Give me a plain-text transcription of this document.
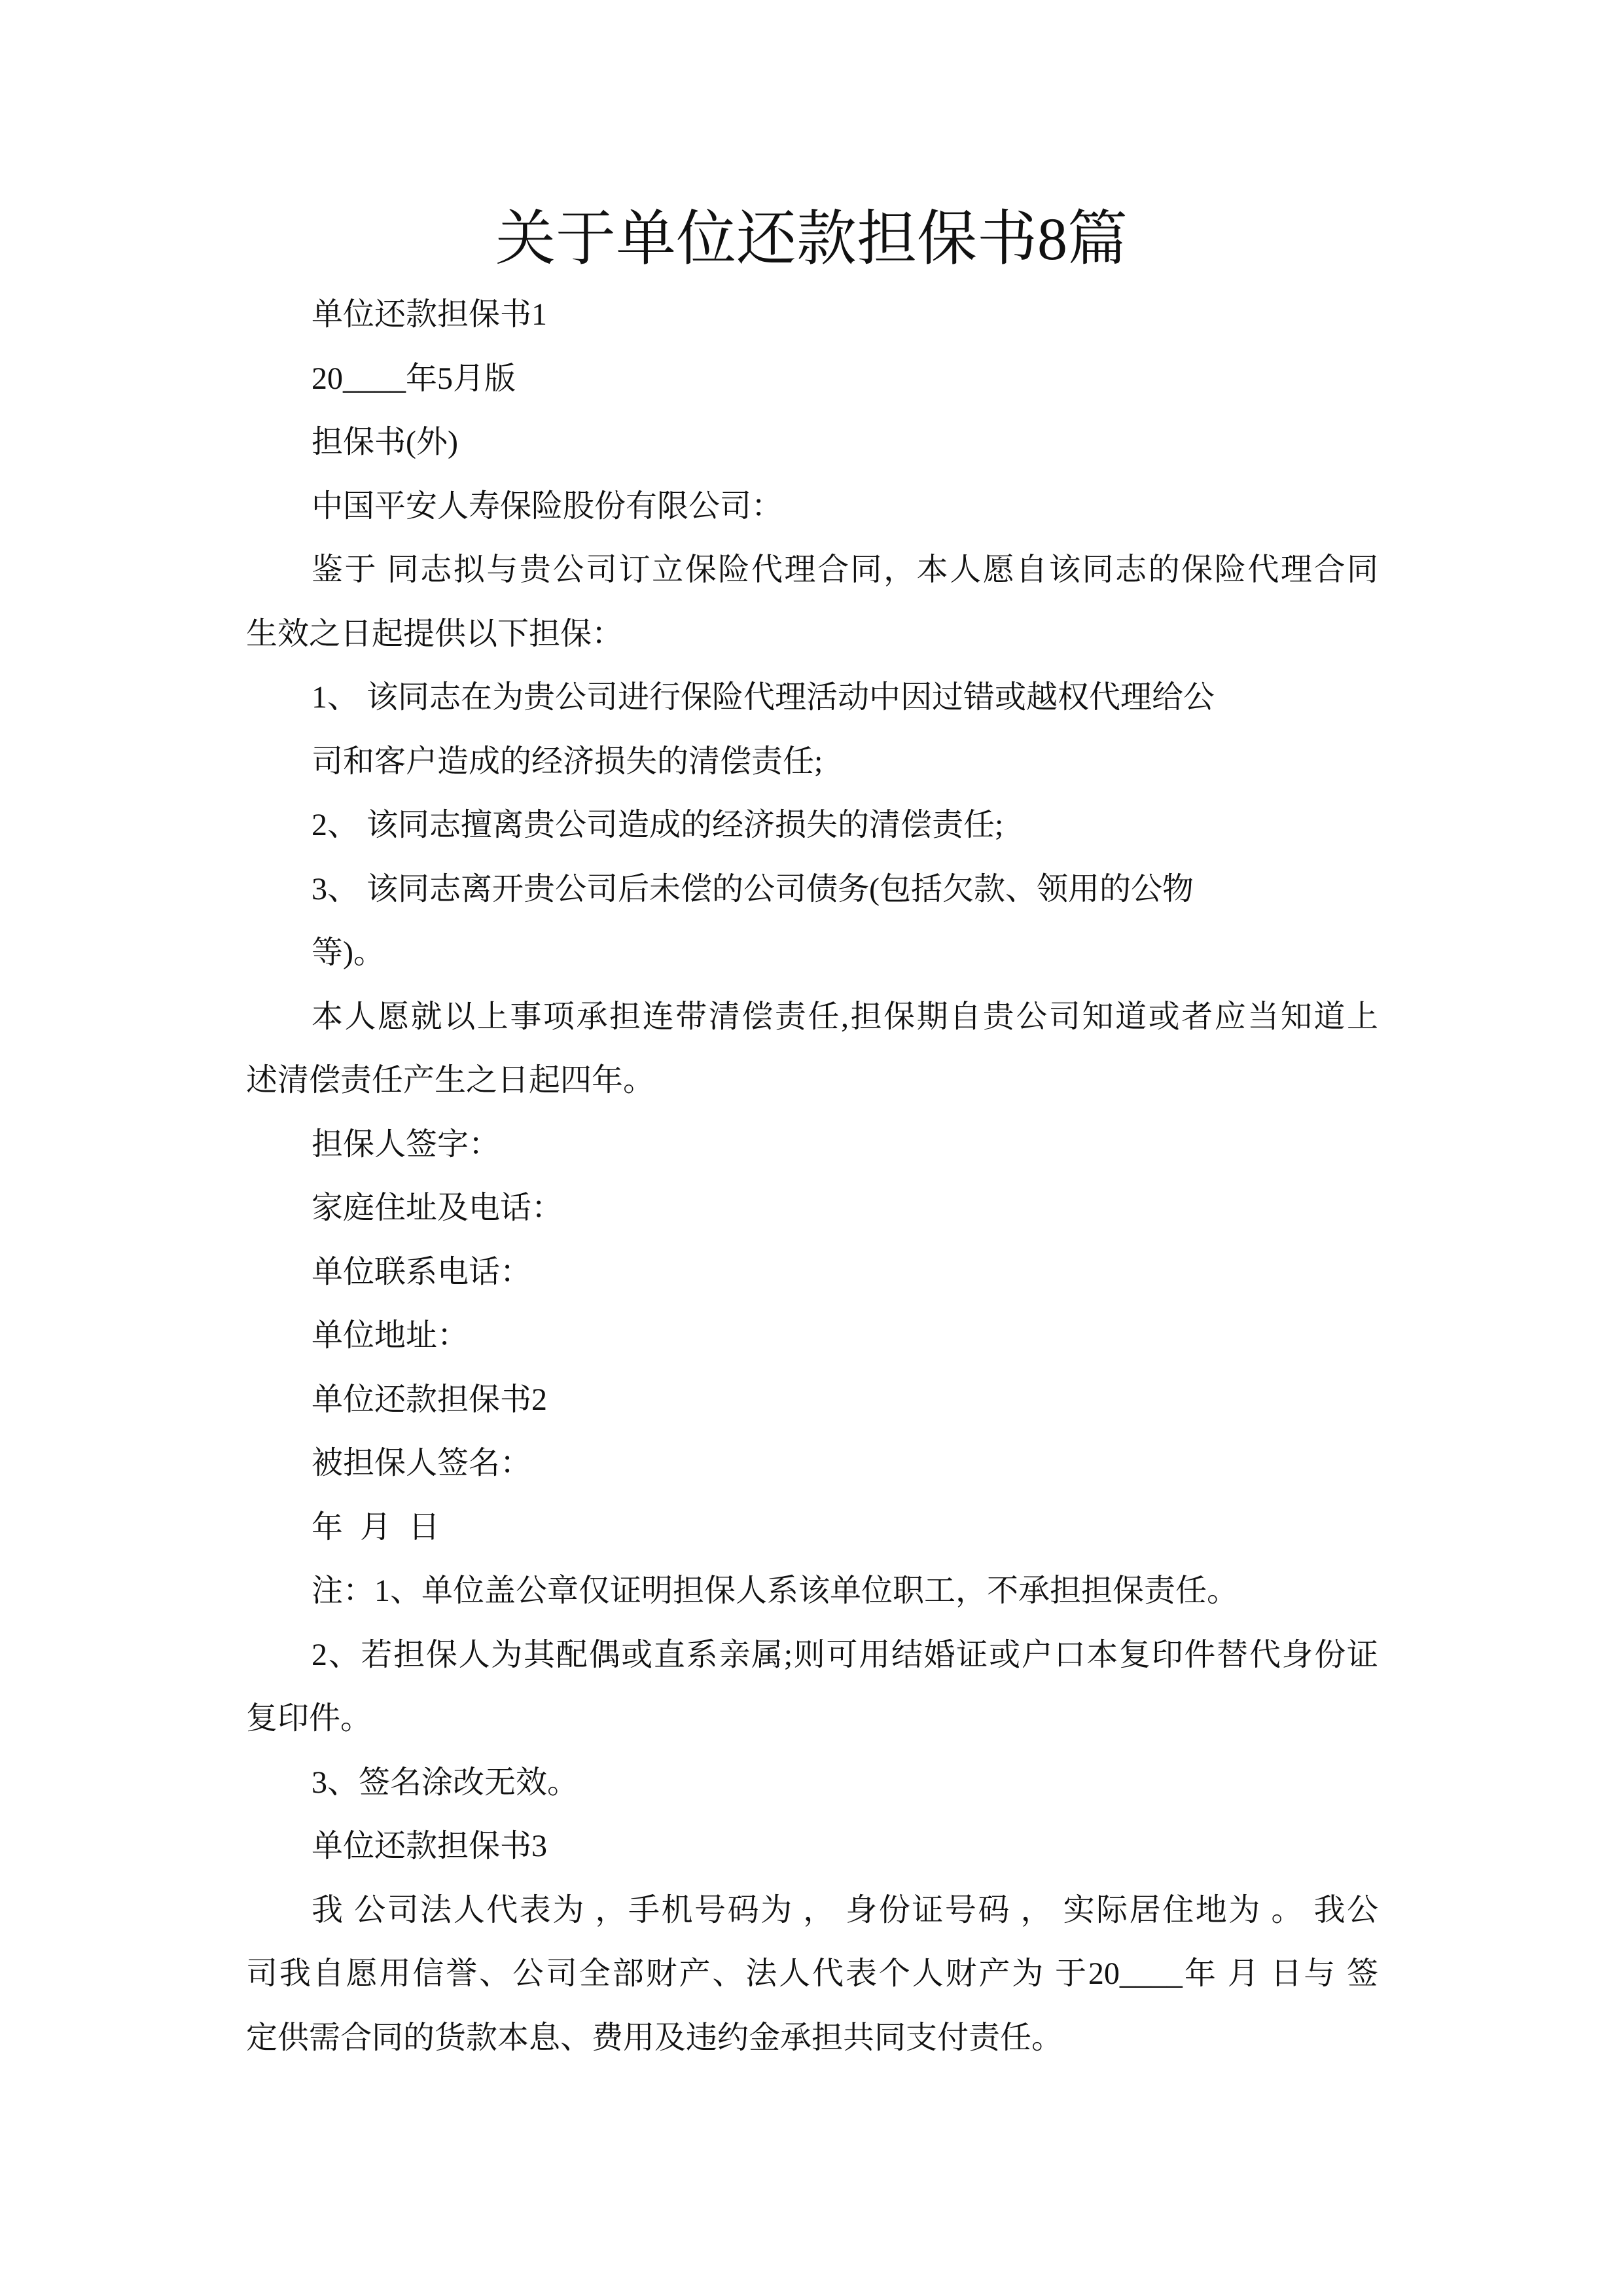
关于单位还款担保书8篇
单位还款担保书1
20____年5月版
担保书(外)
中国平安人寿保险股份有限公司：
鉴于 同志拟与贵公司订立保险代理合同，本人愿自该同志的保险代理合同
生效之日起提供以下担保：
1、 该同志在为贵公司进行保险代理活动中因过错或越权代理给公
司和客户造成的经济损失的清偿责任;
2、 该同志擅离贵公司造成的经济损失的清偿责任;
3、 该同志离开贵公司后未偿的公司债务(包括欠款、领用的公物
等)。
本人愿就以上事项承担连带清偿责任,担保期自贵公司知道或者应当知道上
述清偿责任产生之日起四年。
担保人签字：
家庭住址及电话：
单位联系电话：
单位地址：
单位还款担保书2
被担保人签名：
年 月 日
注：1、单位盖公章仅证明担保人系该单位职工，不承担担保责任。
2、若担保人为其配偶或直系亲属;则可用结婚证或户口本复印件替代身份证
复印件。
3、签名涂改无效。
单位还款担保书3
我 公司法人代表为 ，手机号码为 ， 身份证号码 ， 实际居住地为 。 我公
司我自愿用信誉、公司全部财产、法人代表个人财产为 于20____年 月 日与 签
定供需合同的货款本息、费用及违约金承担共同支付责任。
